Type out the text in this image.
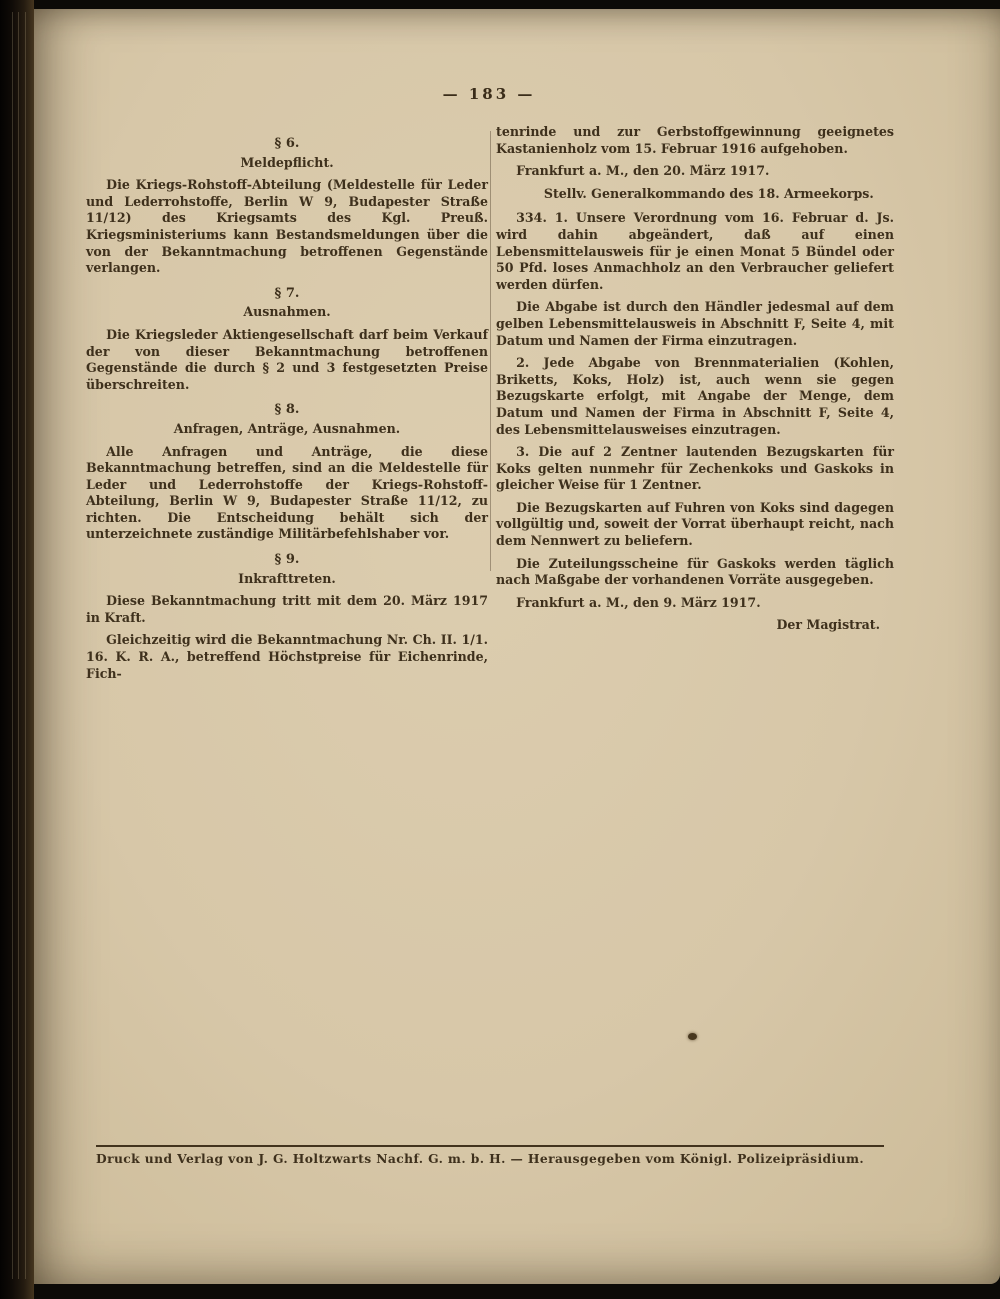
— 183 —
§ 6.
Meldepflicht.

Die Kriegs-Rohstoff-Abteilung (Meldestelle für Leder und Lederrohstoffe, Berlin W 9, Budapester Straße 11/12) des Kriegsamts des Kgl. Preuß. Kriegsministeriums kann Bestandsmeldungen über die von der Bekanntmachung betroffenen Gegenstände verlangen.

§ 7.
Ausnahmen.

Die Kriegsleder Aktiengesellschaft darf beim Verkauf der von dieser Bekanntmachung betroffenen Gegenstände die durch § 2 und 3 festgesetzten Preise überschreiten.

§ 8.
Anfragen, Anträge, Ausnahmen.

Alle Anfragen und Anträge, die diese Bekanntmachung betreffen, sind an die Meldestelle für Leder und Lederrohstoffe der Kriegs-Rohstoff-Abteilung, Berlin W 9, Budapester Straße 11/12, zu richten. Die Entscheidung behält sich der unterzeichnete zuständige Militärbefehlshaber vor.

§ 9.
Inkrafttreten.

Diese Bekanntmachung tritt mit dem 20. März 1917 in Kraft.

Gleichzeitig wird die Bekanntmachung Nr. Ch. II. 1/1. 16. K. R. A., betreffend Höchstpreise für Eichenrinde, Fich-

tenrinde und zur Gerbstoffgewinnung geeignetes Kastanienholz vom 15. Februar 1916 aufgehoben.

Frankfurt a. M., den 20. März 1917.

Stellv. Generalkommando des 18. Armeekorps.

334. 1. Unsere Verordnung vom 16. Februar d. Js. wird dahin abgeändert, daß auf einen Lebensmittelausweis für je einen Monat 5 Bündel oder 50 Pfd. loses Anmachholz an den Verbraucher geliefert werden dürfen.

Die Abgabe ist durch den Händler jedesmal auf dem gelben Lebensmittelausweis in Abschnitt F, Seite 4, mit Datum und Namen der Firma einzutragen.

2. Jede Abgabe von Brennmaterialien (Kohlen, Briketts, Koks, Holz) ist, auch wenn sie gegen Bezugskarte erfolgt, mit Angabe der Menge, dem Datum und Namen der Firma in Abschnitt F, Seite 4, des Lebensmittelausweises einzutragen.

3. Die auf 2 Zentner lautenden Bezugskarten für Koks gelten nunmehr für Zechenkoks und Gaskoks in gleicher Weise für 1 Zentner.

Die Bezugskarten auf Fuhren von Koks sind dagegen vollgültig und, soweit der Vorrat überhaupt reicht, nach dem Nennwert zu beliefern.

Die Zuteilungsscheine für Gaskoks werden täglich nach Maßgabe der vorhandenen Vorräte ausgegeben.

Frankfurt a. M., den 9. März 1917.

Der Magistrat.

Druck und Verlag von J. G. Holtzwarts Nachf. G. m. b. H. — Herausgegeben vom Königl. Polizeipräsidium.
